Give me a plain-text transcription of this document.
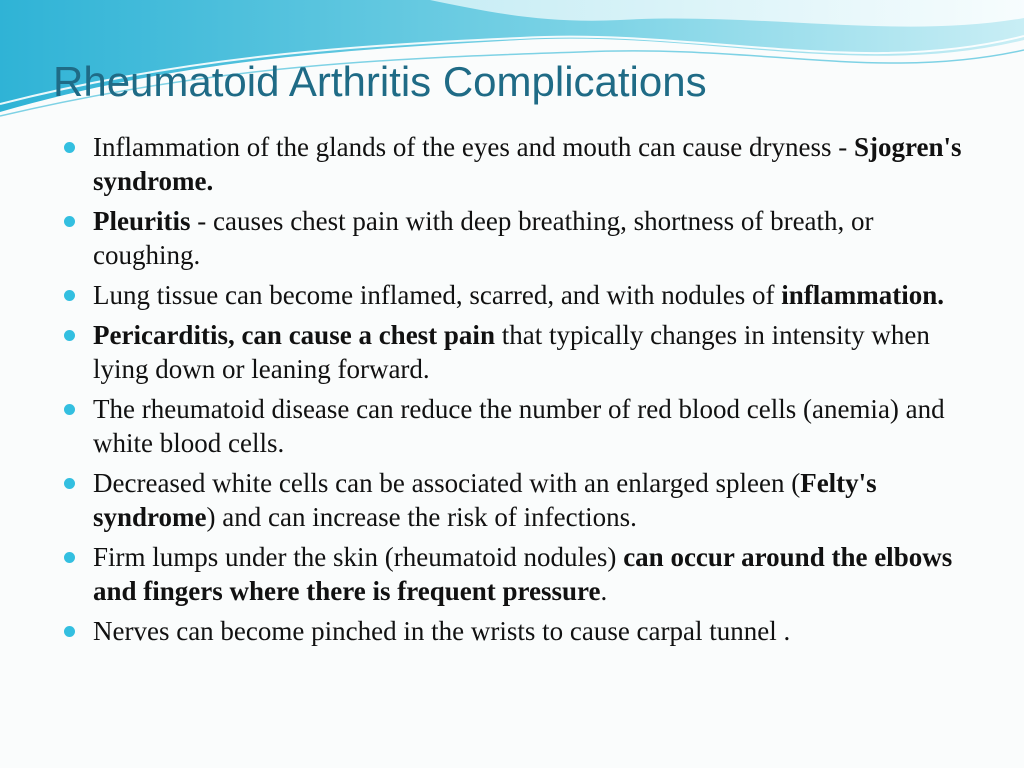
Rheumatoid Arthritis Complications
Inflammation of the glands of the eyes and mouth can cause dryness - Sjogren's syndrome.
Pleuritis - causes chest pain with deep breathing, shortness of breath, or coughing.
Lung tissue can become inflamed, scarred, and with nodules of inflammation.
Pericarditis, can cause a chest pain that typically changes in intensity when lying down or leaning forward.
The rheumatoid disease can reduce the number of red blood cells (anemia) and white blood cells.
Decreased white cells can be associated with an enlarged spleen (Felty's syndrome) and can increase the risk of infections.
Firm lumps under the skin (rheumatoid nodules) can occur around the elbows and fingers where there is frequent pressure.
Nerves can become pinched in the wrists to cause carpal tunnel .
